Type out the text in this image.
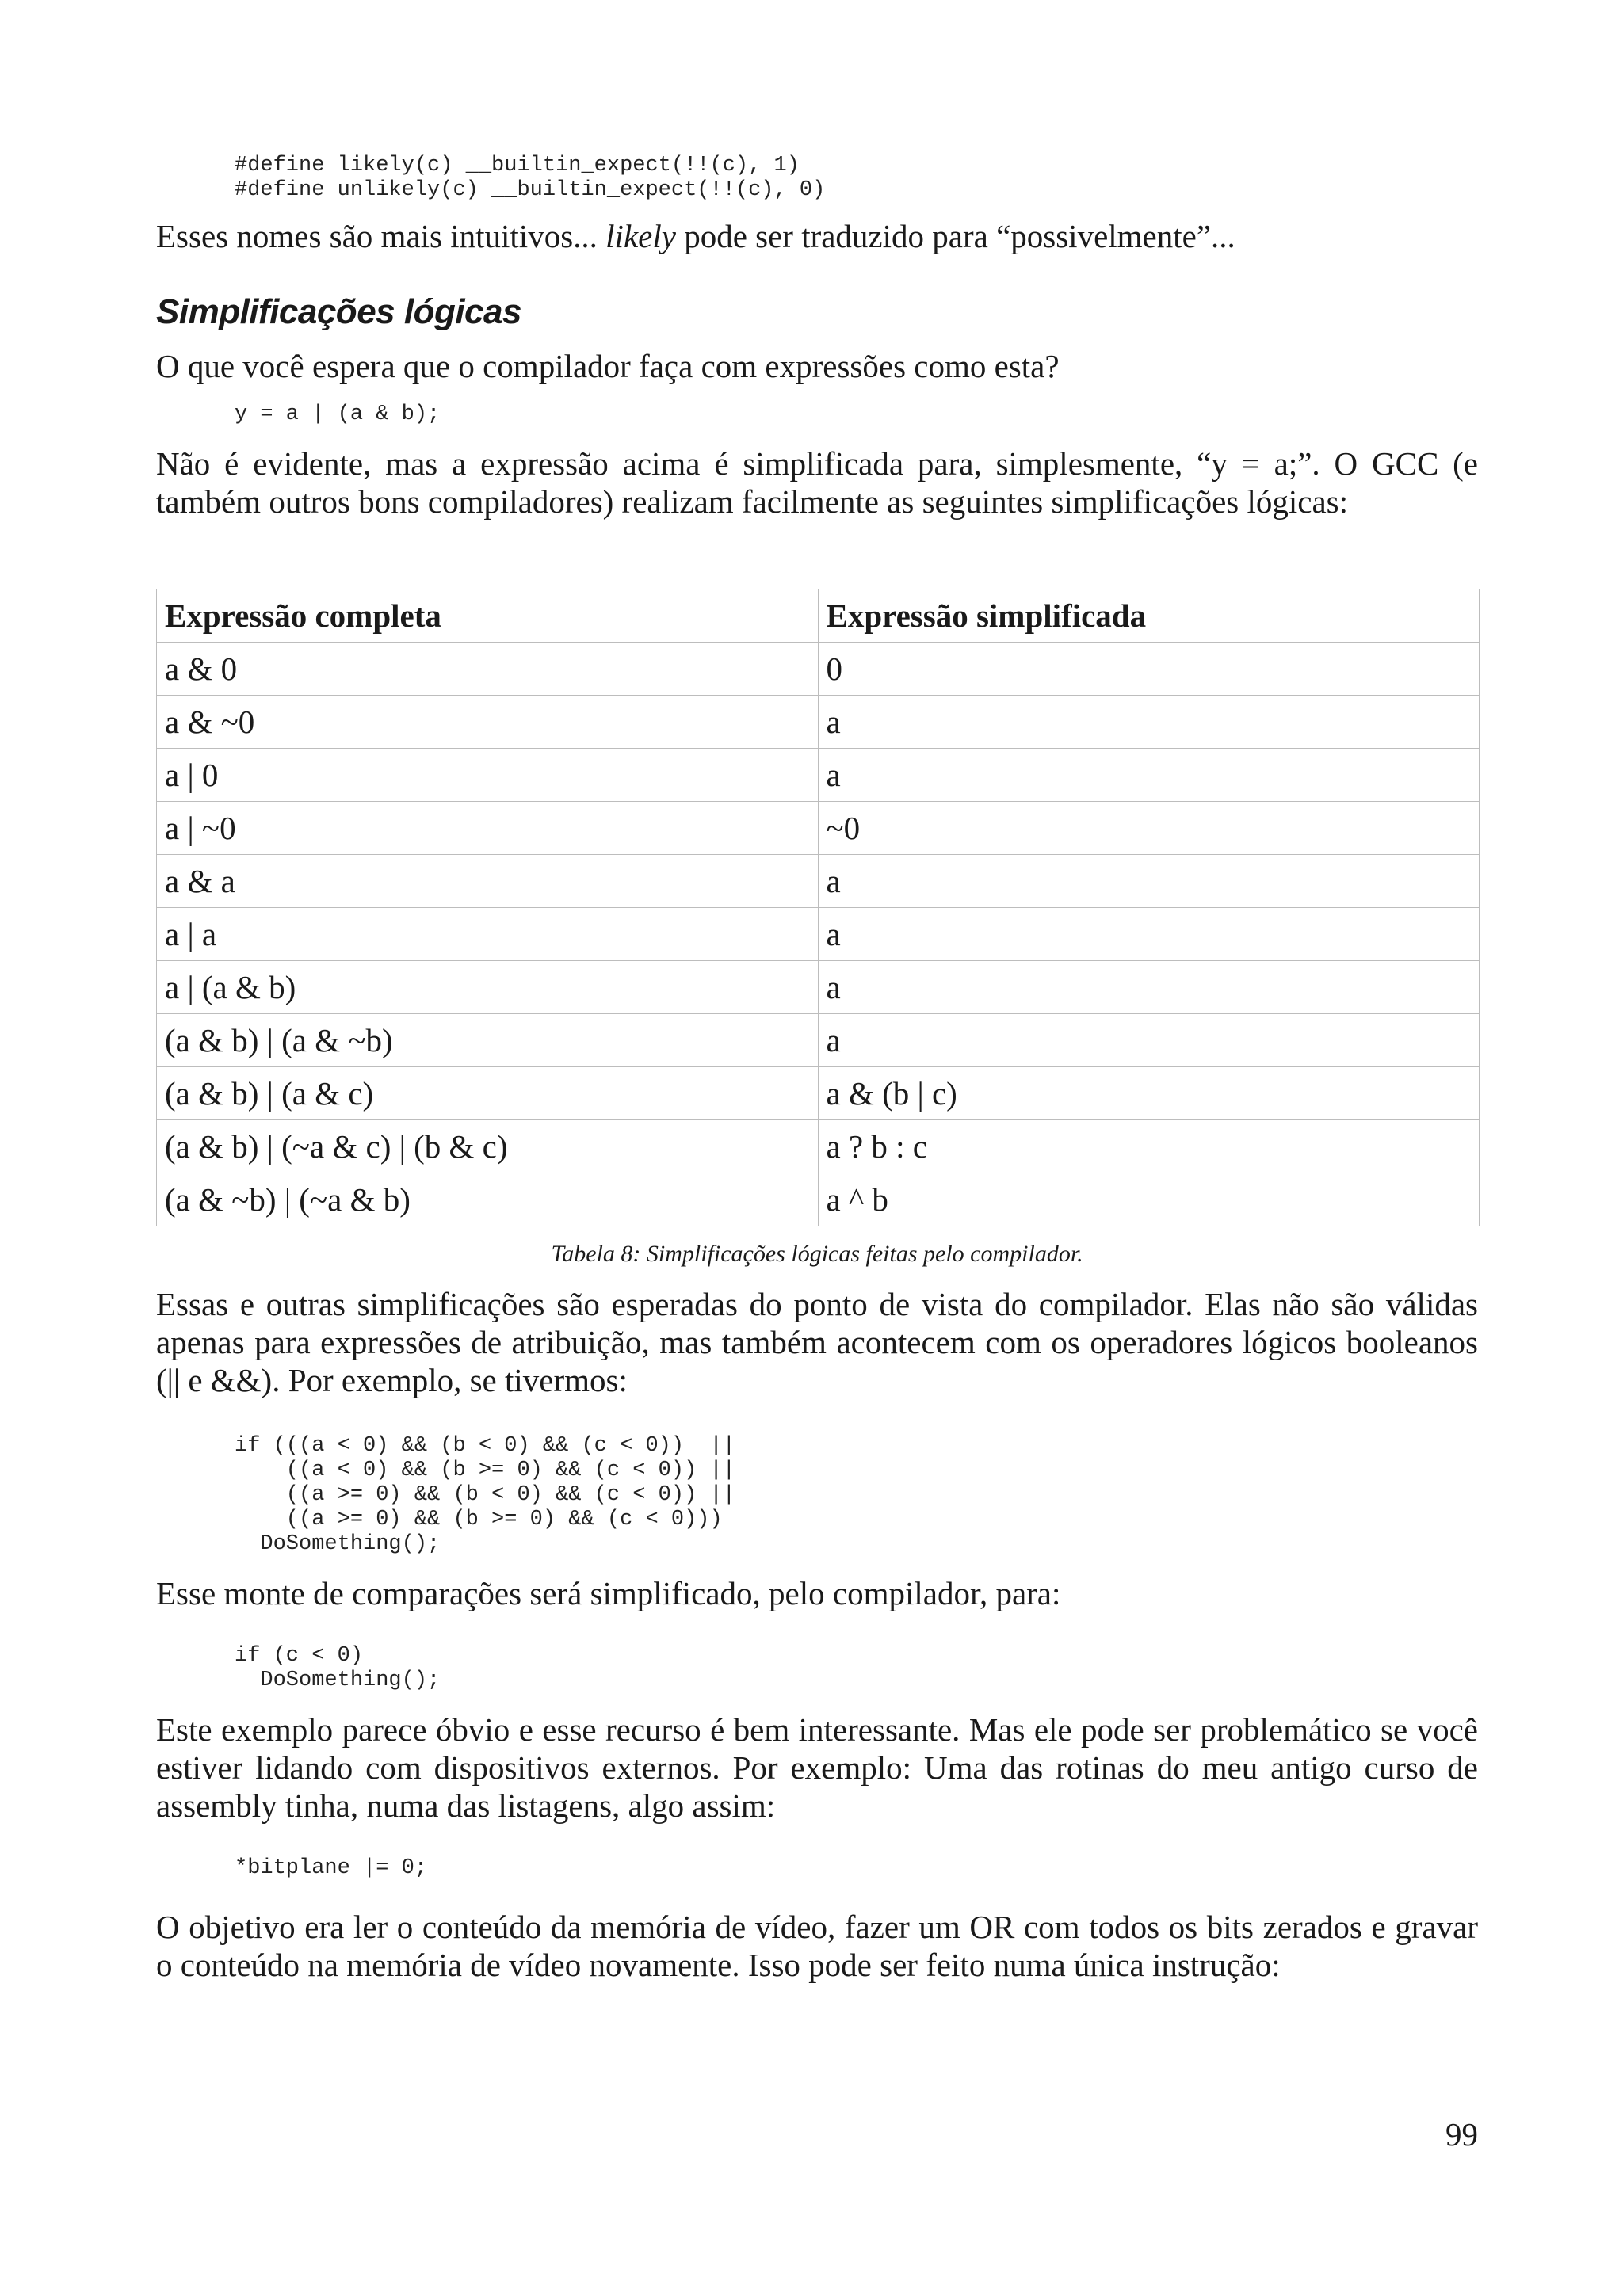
#define likely(c) __builtin_expect(!!(c), 1)
#define unlikely(c) __builtin_expect(!!(c), 0)

Esses nomes são mais intuitivos... likely pode ser traduzido para “possivelmente”...

Simplificações lógicas

O que você espera que o compilador faça com expressões como esta?

y = a | (a & b);

Não é evidente, mas a expressão acima é simplificada para, simplesmente, “y = a;”. O GCC (e também outros bons compiladores) realizam facilmente as seguintes simplificações lógicas:

Expressão completa	Expressão simplificada
a & 0	0
a & ~0	a
a | 0	a
a | ~0	~0
a & a	a
a | a	a
a | (a & b)	a
(a & b) | (a & ~b)	a
(a & b) | (a & c)	a & (b | c)
(a & b) | (~a & c) | (b & c)	a ? b : c
(a & ~b) | (~a & b)	a ^ b

Tabela 8: Simplificações lógicas feitas pelo compilador.

Essas e outras simplificações são esperadas do ponto de vista do compilador. Elas não são válidas apenas para expressões de atribuição, mas também acontecem com os operadores lógicos booleanos (|| e &&). Por exemplo, se tivermos:

if (((a < 0) && (b < 0) && (c < 0))  ||
((a < 0) && (b >= 0) && (c < 0)) ||
((a >= 0) && (b < 0) && (c < 0)) ||
((a >= 0) && (b >= 0) && (c < 0)))
DoSomething();

Esse monte de comparações será simplificado, pelo compilador, para:

if (c < 0)
DoSomething();

Este exemplo parece óbvio e esse recurso é bem interessante. Mas ele pode ser problemático se você estiver lidando com dispositivos externos. Por exemplo: Uma das rotinas do meu antigo curso de assembly tinha, numa das listagens, algo assim:

*bitplane |= 0;

O objetivo era ler o conteúdo da memória de vídeo, fazer um OR com todos os bits zerados e gravar o conteúdo na memória de vídeo novamente. Isso pode ser feito numa única instrução:

99
